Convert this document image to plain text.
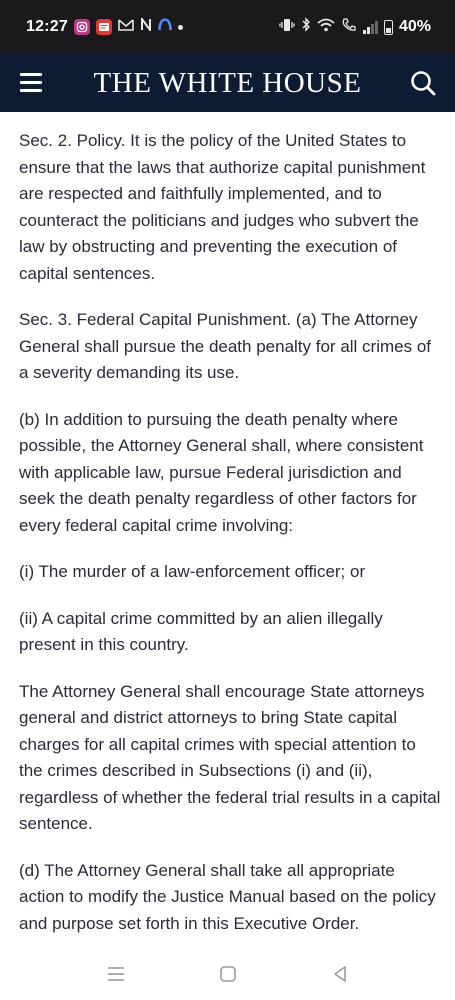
12:27	40%
THE WHITE HOUSE

Sec. 2. Policy. It is the policy of the United States to ensure that the laws that authorize capital punishment are respected and faithfully implemented, and to counteract the politicians and judges who subvert the law by obstructing and preventing the execution of capital sentences.

Sec. 3. Federal Capital Punishment. (a) The Attorney General shall pursue the death penalty for all crimes of a severity demanding its use.

(b) In addition to pursuing the death penalty where possible, the Attorney General shall, where consistent with applicable law, pursue Federal jurisdiction and seek the death penalty regardless of other factors for every federal capital crime involving:

(i) The murder of a law-enforcement officer; or

(ii) A capital crime committed by an alien illegally present in this country.

The Attorney General shall encourage State attorneys general and district attorneys to bring State capital charges for all capital crimes with special attention to the crimes described in Subsections (i) and (ii), regardless of whether the federal trial results in a capital sentence.

(d) The Attorney General shall take all appropriate action to modify the Justice Manual based on the policy and purpose set forth in this Executive Order.
